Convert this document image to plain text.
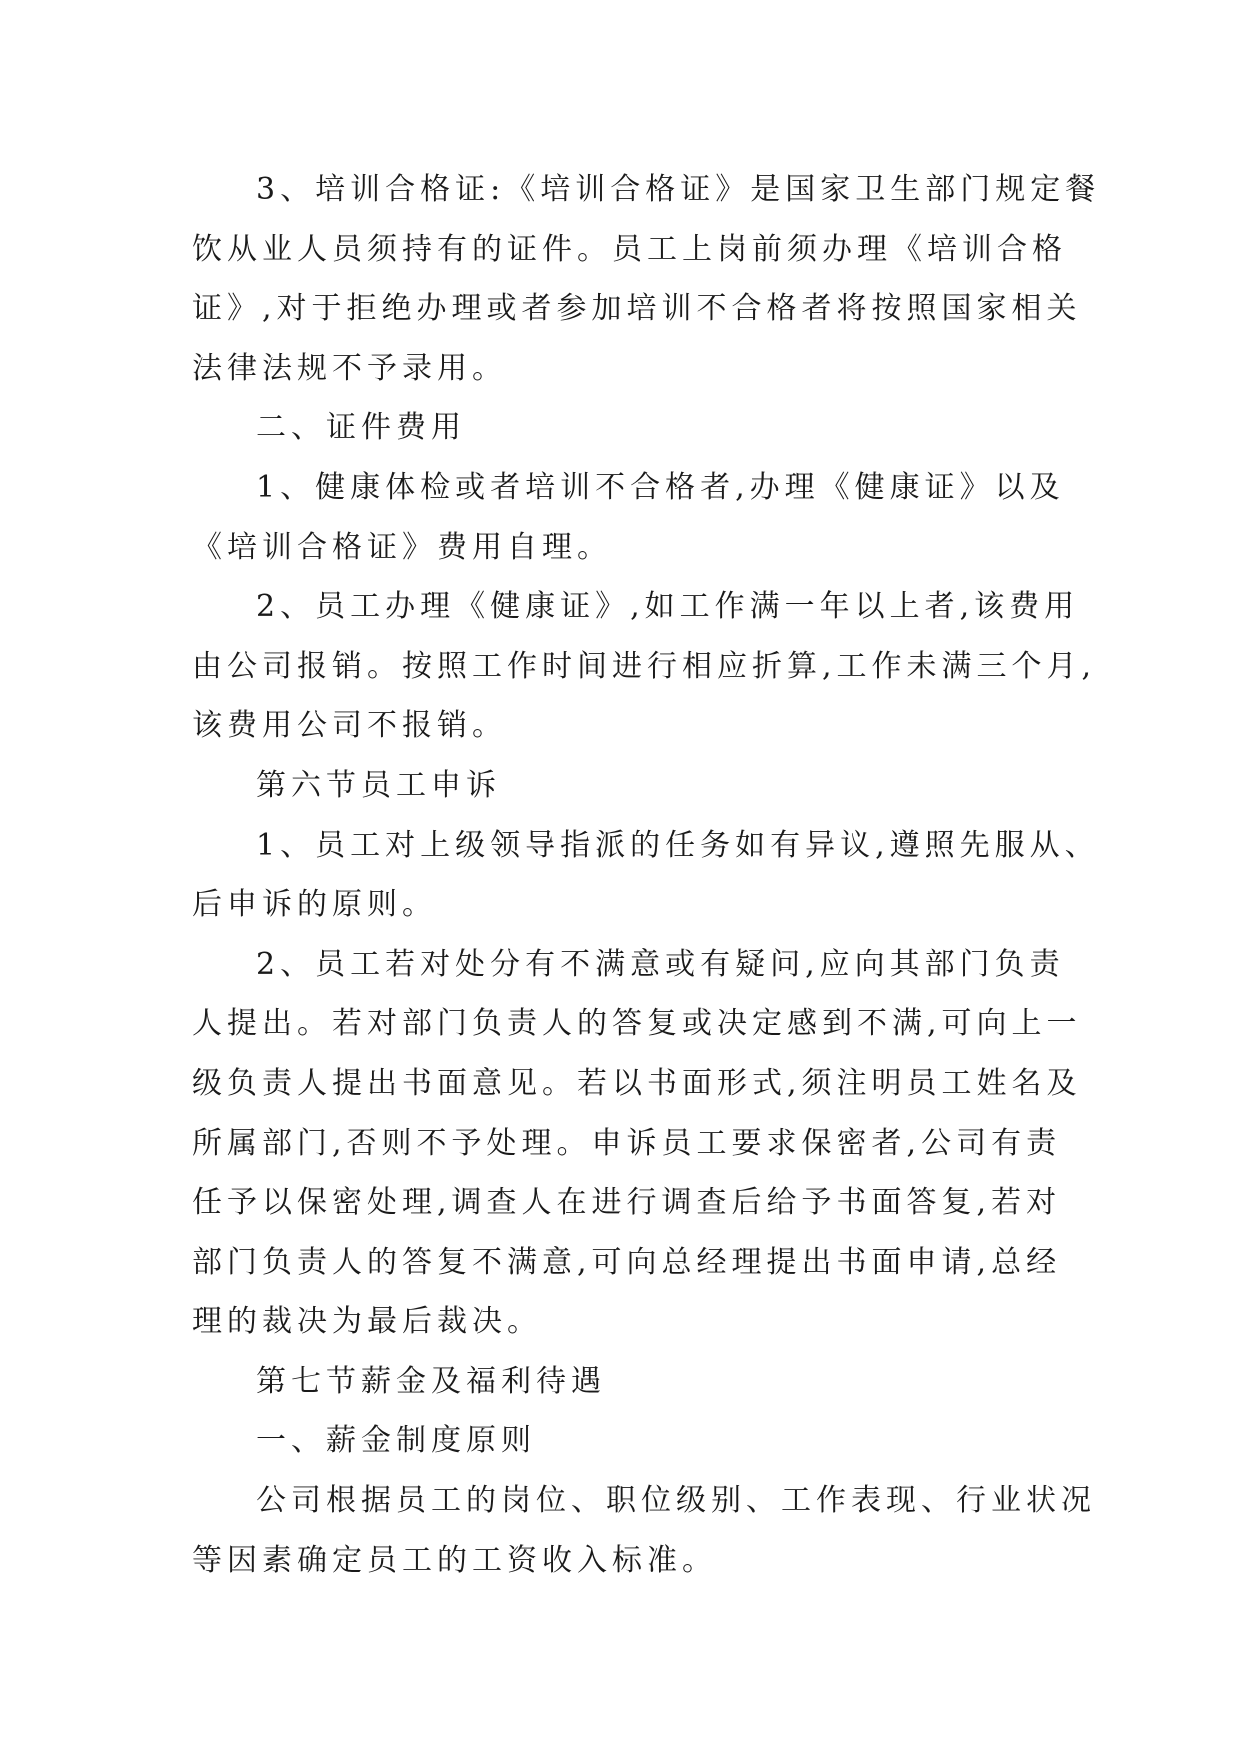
3、培训合格证:《培训合格证》是国家卫生部门规定餐
饮从业人员须持有的证件。员工上岗前须办理《培训合格
证》,对于拒绝办理或者参加培训不合格者将按照国家相关
法律法规不予录用。
二、证件费用
1、健康体检或者培训不合格者,办理《健康证》以及
《培训合格证》费用自理。
2、员工办理《健康证》,如工作满一年以上者,该费用
由公司报销。按照工作时间进行相应折算,工作未满三个月,
该费用公司不报销。
第六节员工申诉
1、员工对上级领导指派的任务如有异议,遵照先服从、
后申诉的原则。
2、员工若对处分有不满意或有疑问,应向其部门负责
人提出。若对部门负责人的答复或决定感到不满,可向上一
级负责人提出书面意见。若以书面形式,须注明员工姓名及
所属部门,否则不予处理。申诉员工要求保密者,公司有责
任予以保密处理,调查人在进行调查后给予书面答复,若对
部门负责人的答复不满意,可向总经理提出书面申请,总经
理的裁决为最后裁决。
第七节薪金及福利待遇
一、薪金制度原则
公司根据员工的岗位、职位级别、工作表现、行业状况
等因素确定员工的工资收入标准。
